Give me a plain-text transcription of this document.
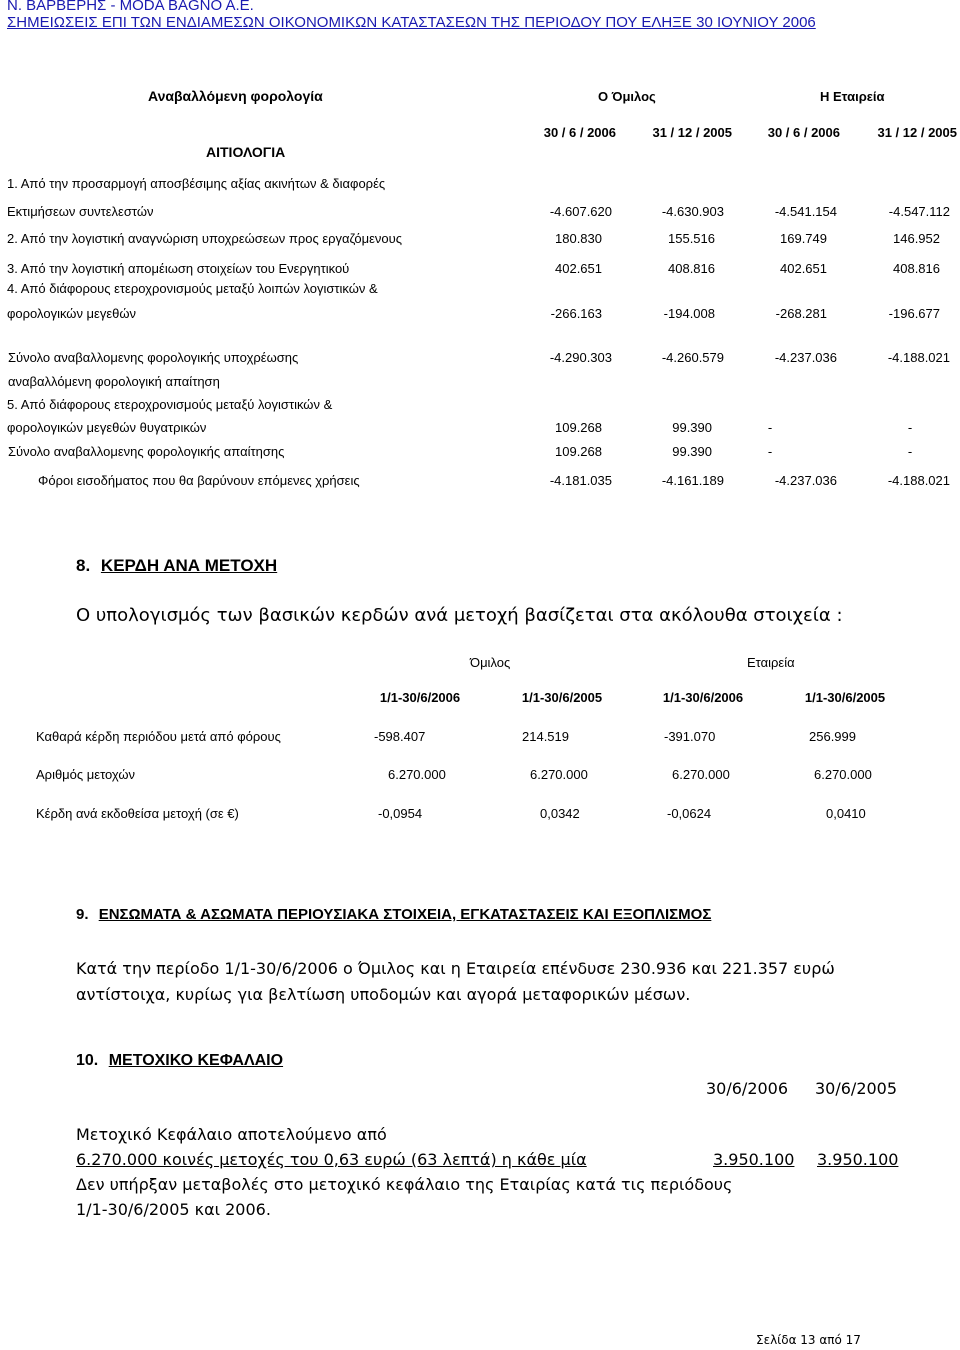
Ν. ΒΑΡΒΕΡΗΣ - MODA BAGNO A.E.
ΣΗΜΕΙΩΣΕΙΣ ΕΠΙ ΤΩΝ ΕΝΔΙΑΜΕΣΩΝ ΟΙΚΟΝΟΜΙΚΩΝ ΚΑΤΑΣΤΑΣΕΩΝ ΤΗΣ ΠΕΡΙΟΔΟΥ ΠΟΥ ΕΛΗΞΕ 30 ΙΟΥΝΙΟΥ 2006
Αναβαλλόμενη φορολογία	Ο Όμιλος	Η Εταιρεία
30 / 6 / 2006	31 / 12 / 2005	30 / 6 / 2006	31 / 12 / 2005
ΑΙΤΙΟΛΟΓΙΑ
1. Από την προσαρμογή αποσβέσιμης αξίας ακινήτων & διαφορές
Εκτιμήσεων συντελεστών	-4.607.620	-4.630.903	-4.541.154	-4.547.112
2. Από την λογιστική αναγνώριση υποχρεώσεων προς εργαζόμενους	180.830	155.516	169.749	146.952
3. Από την λογιστική απομέιωση στοιχείων του Ενεργητικού	402.651	408.816	402.651	408.816
4. Από διάφορους ετεροχρονισμούς μεταξύ λοιπών λογιστικών &
φορολογικών μεγεθών	-266.163	-194.008	-268.281	-196.677
Σύνολο αναβαλλομενης φορολογικής υποχρέωσης	-4.290.303	-4.260.579	-4.237.036	-4.188.021
αναβαλλόμενη φορολογική απαίτηση
5. Από διάφορους ετεροχρονισμούς μεταξύ λογιστικών &
φορολογικών μεγεθών θυγατρικών	109.268	99.390	-	-
Σύνολο αναβαλλομενης φορολογικής απαίτησης	109.268	99.390	-	-
Φόροι εισοδήματος που θα βαρύνουν επόμενες χρήσεις	-4.181.035	-4.161.189	-4.237.036	-4.188.021
8. ΚΕΡΔΗ ΑΝΑ ΜΕΤΟΧΗ
Ο υπολογισμός των βασικών κερδών ανά μετοχή βασίζεται στα ακόλουθα στοιχεία :
Όμιλος	Εταιρεία
1/1-30/6/2006	1/1-30/6/2005	1/1-30/6/2006	1/1-30/6/2005
Καθαρά κέρδη περιόδου μετά από φόρους	-598.407	214.519	-391.070	256.999
Αριθμός μετοχών	6.270.000	6.270.000	6.270.000	6.270.000
Κέρδη ανά εκδοθείσα μετοχή (σε €)	-0,0954	0,0342	-0,0624	0,0410
9. ΕΝΣΩΜΑΤΑ & ΑΣΩΜΑΤΑ ΠΕΡΙΟΥΣΙΑΚΑ ΣΤΟΙΧΕΙΑ, ΕΓΚΑΤΑΣΤΑΣΕΙΣ ΚΑΙ ΕΞΟΠΛΙΣΜΟΣ
Κατά την περίοδο 1/1-30/6/2006 ο Όμιλος και η Εταιρεία επένδυσε 230.936 και 221.357 ευρώ
αντίστοιχα, κυρίως για βελτίωση υποδομών και αγορά μεταφορικών μέσων.
10. ΜΕΤΟΧΙΚΟ ΚΕΦΑΛΑΙΟ
30/6/2006 30/6/2005
Μετοχικό Κεφάλαιο αποτελούμενο από
6.270.000 κοινές μετοχές του 0,63 ευρώ (63 λεπτά) η κάθε μία	3.950.100 3.950.100
Δεν υπήρξαν μεταβολές στο μετοχικό κεφάλαιο της Εταιρίας κατά τις περιόδους
1/1-30/6/2005 και 2006.
Σελίδα 13 από 17
